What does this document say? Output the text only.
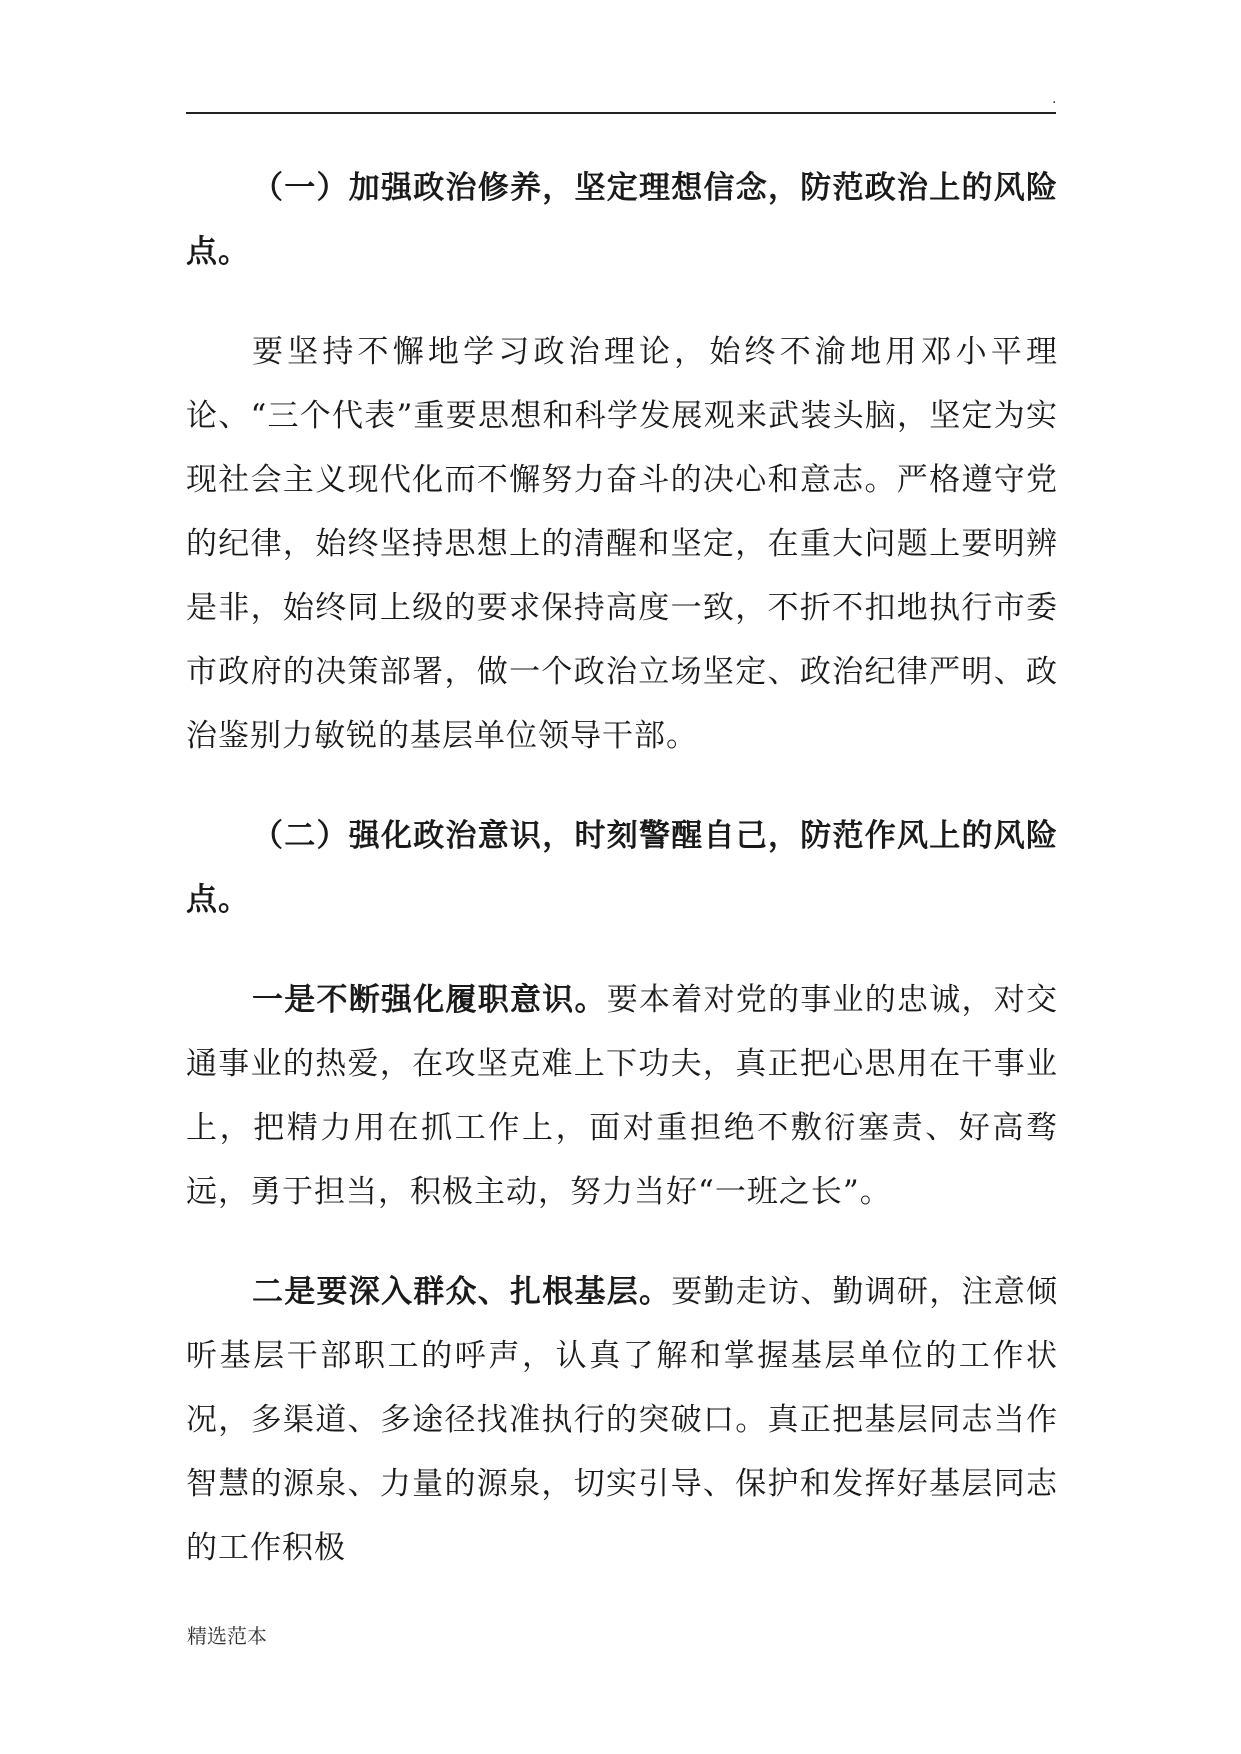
.

（一）加强政治修养，坚定理想信念，防范政治上的风险点。

要坚持不懈地学习政治理论，始终不渝地用邓小平理论、“三个代表”重要思想和科学发展观来武装头脑，坚定为实现社会主义现代化而不懈努力奋斗的决心和意志。严格遵守党的纪律，始终坚持思想上的清醒和坚定，在重大问题上要明辨是非，始终同上级的要求保持高度一致，不折不扣地执行市委市政府的决策部署，做一个政治立场坚定、政治纪律严明、政治鉴别力敏锐的基层单位领导干部。

（二）强化政治意识，时刻警醒自己，防范作风上的风险点。

一是不断强化履职意识。要本着对党的事业的忠诚，对交通事业的热爱，在攻坚克难上下功夫，真正把心思用在干事业上，把精力用在抓工作上，面对重担绝不敷衍塞责、好高骛远，勇于担当，积极主动，努力当好“一班之长”。

二是要深入群众、扎根基层。要勤走访、勤调研，注意倾听基层干部职工的呼声，认真了解和掌握基层单位的工作状况，多渠道、多途径找准执行的突破口。真正把基层同志当作智慧的源泉、力量的源泉，切实引导、保护和发挥好基层同志的工作积极

精选范本
